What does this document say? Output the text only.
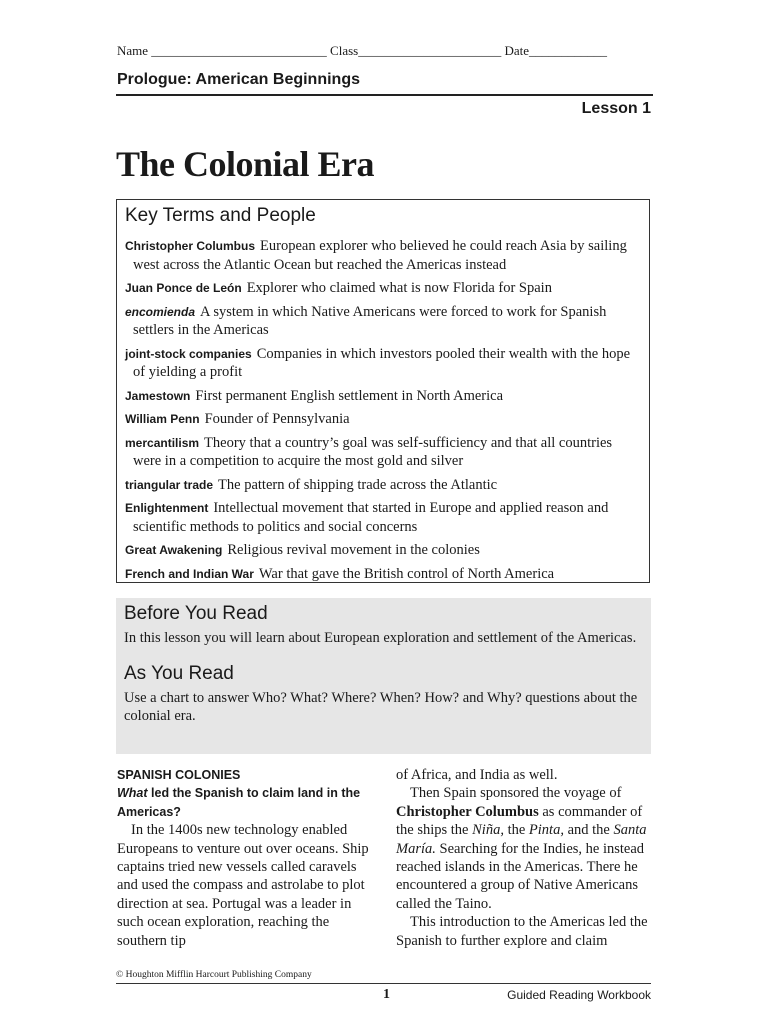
Name ___________________________ Class______________________ Date____________
Prologue: American Beginnings
Lesson 1
The Colonial Era
Key Terms and People
Christopher Columbus European explorer who believed he could reach Asia by sailing west across the Atlantic Ocean but reached the Americas instead
Juan Ponce de León Explorer who claimed what is now Florida for Spain
encomienda A system in which Native Americans were forced to work for Spanish settlers in the Americas
joint-stock companies Companies in which investors pooled their wealth with the hope of yielding a profit
Jamestown First permanent English settlement in North America
William Penn Founder of Pennsylvania
mercantilism Theory that a country’s goal was self-sufficiency and that all countries were in a competition to acquire the most gold and silver
triangular trade The pattern of shipping trade across the Atlantic
Enlightenment Intellectual movement that started in Europe and applied reason and scientific methods to politics and social concerns
Great Awakening Religious revival movement in the colonies
French and Indian War War that gave the British control of North America
Before You Read

In this lesson you will learn about European exploration and settlement of the Americas.

As You Read

Use a chart to answer Who? What? Where? When? How? and Why? questions about the colonial era.

SPANISH COLONIES
What led the Spanish to claim land in the Americas?

In the 1400s new technology enabled Europeans to venture out over oceans. Ship captains tried new vessels called caravels and used the compass and astrolabe to plot direction at sea. Portugal was a leader in such ocean exploration, reaching the southern tip

of Africa, and India as well.

Then Spain sponsored the voyage of Christopher Columbus as commander of the ships the Niña, the Pinta, and the Santa María. Searching for the Indies, he instead reached islands in the Americas. There he encountered a group of Native Americans called the Taino.

This introduction to the Americas led the Spanish to further explore and claim

© Houghton Mifflin Harcourt Publishing Company
1	Guided Reading Workbook
